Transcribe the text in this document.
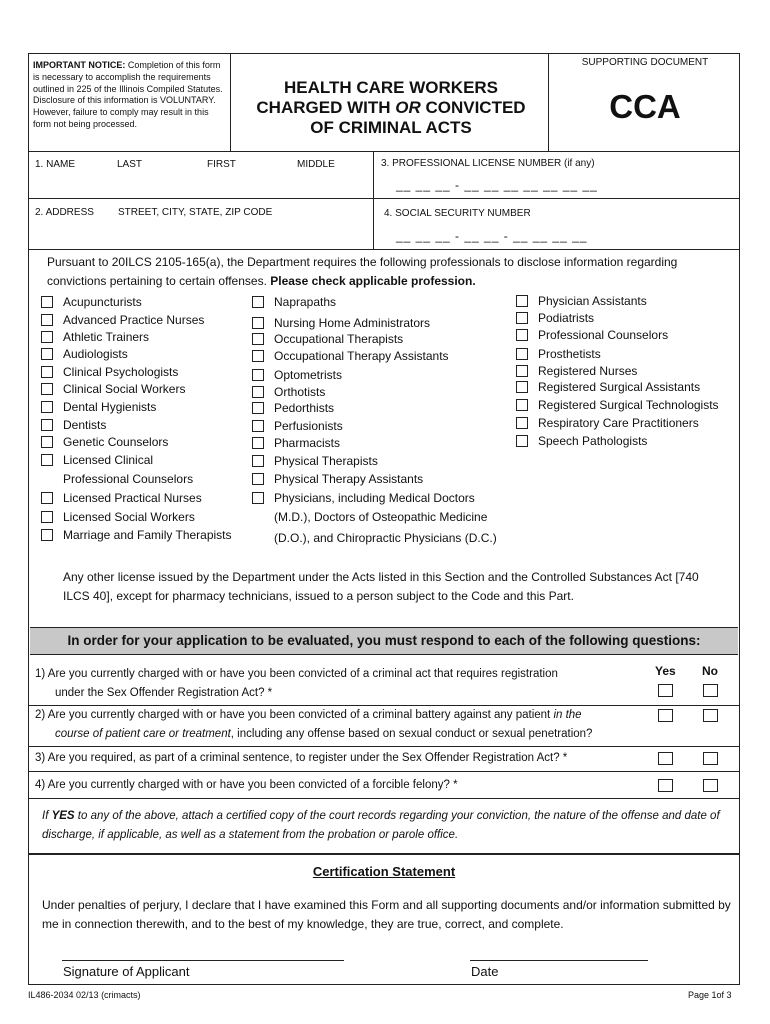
IMPORTANT NOTICE: Completion of this form is necessary to accomplish the requirements outlined in 225 of the Illinois Compiled Statutes. Disclosure of this information is VOLUNTARY. However, failure to comply may result in this form not being processed.
HEALTH CARE WORKERS
CHARGED WITH OR CONVICTED
OF CRIMINAL ACTS
SUPPORTING DOCUMENT
CCA
1. NAME	LAST	FIRST	MIDDLE	3. PROFESSIONAL LICENSE NUMBER (if any)
__ __ __ - __ __ __ __ __ __ __
2. ADDRESS STREET, CITY, STATE, ZIP CODE	4. SOCIAL SECURITY NUMBER
__ __ __ - __ __ - __ __ __ __
Pursuant to 20ILCS 2105-165(a), the Department requires the following professionals to disclose information regarding convictions pertaining to certain offenses. Please check applicable profession.
Acupuncturists
Advanced Practice Nurses
Athletic Trainers
Audiologists
Clinical Psychologists
Clinical Social Workers
Dental Hygienists
Dentists
Genetic Counselors
Licensed Clinical
Licensed Practical Nurses
Licensed Social Workers
Marriage and Family Therapists
Professional Counselors
Naprapaths
Nursing Home Administrators
Occupational Therapists
Occupational Therapy Assistants
Optometrists
Orthotists
Pedorthists
Perfusionists
Pharmacists
Physical Therapists
Physical Therapy Assistants
Physicians, including Medical Doctors
(M.D.), Doctors of Osteopathic Medicine
(D.O.), and Chiropractic Physicians (D.C.)
Physician Assistants
Podiatrists
Professional Counselors
Prosthetists
Registered Nurses
Registered Surgical Assistants
Registered Surgical Technologists
Respiratory Care Practitioners
Speech Pathologists
Any other license issued by the Department under the Acts listed in this Section and the Controlled Substances Act [740 ILCS 40], except for pharmacy technicians, issued to a person subject to the Code and this Part.
In order for your application to be evaluated, you must respond to each of the following questions:
Yes No
1) Are you currently charged with or have you been convicted of a criminal act that requires registration
under the Sex Offender Registration Act? *
2) Are you currently charged with or have you been convicted of a criminal battery against any patient in the
course of patient care or treatment, including any offense based on sexual conduct or sexual penetration?
3) Are you required, as part of a criminal sentence, to register under the Sex Offender Registration Act? *
4) Are you currently charged with or have you been convicted of a forcible felony? *
If YES to any of the above, attach a certified copy of the court records regarding your conviction, the nature of the offense and date of discharge, if applicable, as well as a statement from the probation or parole office.
Certification Statement
Under penalties of perjury, I declare that I have examined this Form and all supporting documents and/or information submitted by me in connection therewith, and to the best of my knowledge, they are true, correct, and complete.
Signature of Applicant	Date
IL486-2034 02/13 (crimacts)	Page 1of 3
